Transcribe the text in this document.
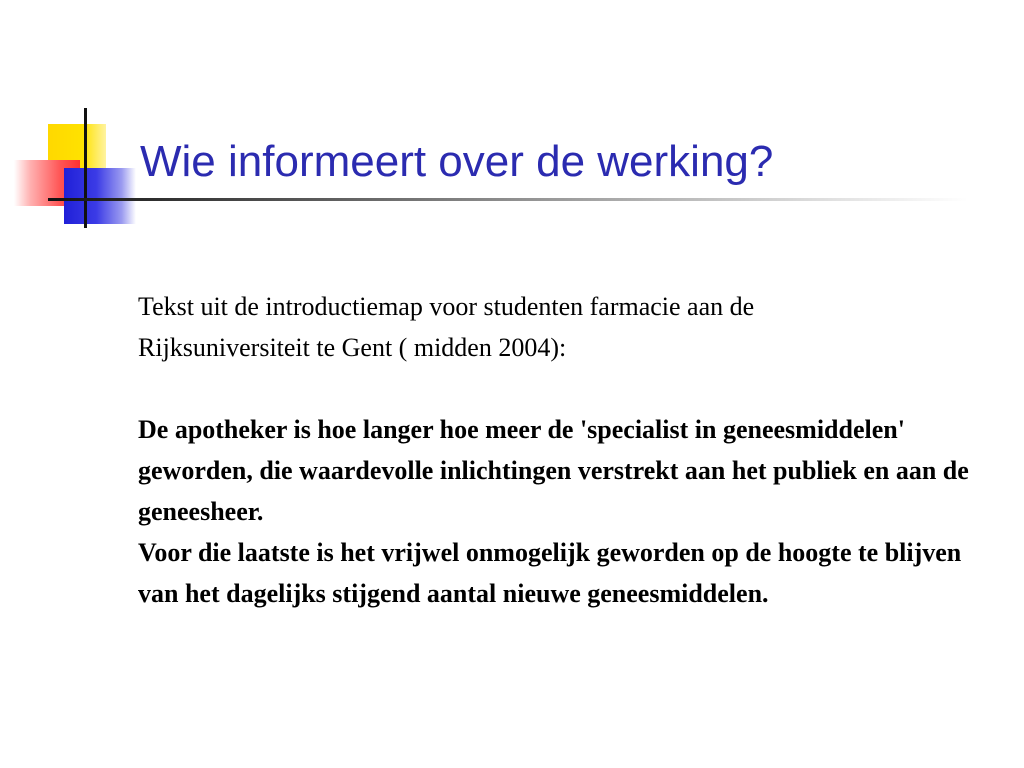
Wie informeert over de werking?

Tekst uit de introductiemap voor studenten farmacie aan de
Rijksuniversiteit te Gent ( midden 2004):

De apotheker is hoe langer hoe meer de 'specialist in geneesmiddelen' geworden, die waardevolle inlichtingen verstrekt aan het publiek en aan de geneesheer.

Voor die laatste is het vrijwel onmogelijk geworden op de hoogte te blijven van het dagelijks stijgend aantal nieuwe geneesmiddelen.
